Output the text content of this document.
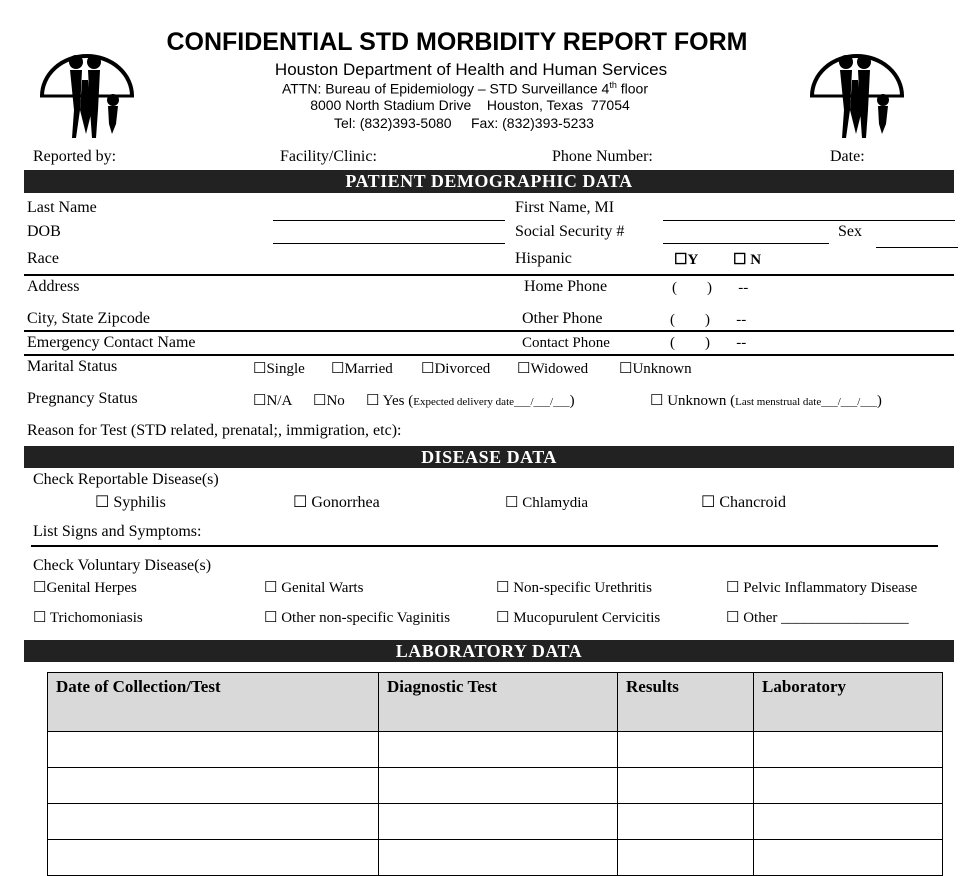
CONFIDENTIAL STD MORBIDITY REPORT FORM
Houston Department of Health and Human Services
ATTN: Bureau of Epidemiology – STD Surveillance 4th floor
8000 North Stadium Drive    Houston, Texas  77054
Tel: (832)393-5080     Fax: (832)393-5233
Reported by:	Facility/Clinic:	Phone Number:	Date:
PATIENT DEMOGRAPHIC DATA
Last Name	First Name, MI
DOB	Social Security #	Sex
Race	Hispanic	☐Y ☐ N
Address	Home Phone	(        )       --
City, State Zipcode	Other Phone	(        )       --
Emergency Contact Name	Contact Phone	(        )       --
Marital Status	☐Single ☐Married ☐Divorced ☐Widowed ☐Unknown
Pregnancy Status	☐N/A ☐No ☐ Yes (Expected delivery date___/___/___)	☐ Unknown (Last menstrual date___/___/___)
Reason for Test (STD related, prenatal;, immigration, etc):
DISEASE DATA
Check Reportable Disease(s)
☐ Syphilis	☐ Gonorrhea	☐ Chlamydia	☐ Chancroid
List Signs and Symptoms:
Check Voluntary Disease(s)
☐Genital Herpes	☐ Genital Warts	☐ Non-specific Urethritis	☐ Pelvic Inflammatory Disease
☐ Trichomoniasis	☐ Other non-specific Vaginitis	☐ Mucopurulent Cervicitis	☐ Other _________________
LABORATORY DATA
Date of Collection/Test	Diagnostic Test	Results	Laboratory
